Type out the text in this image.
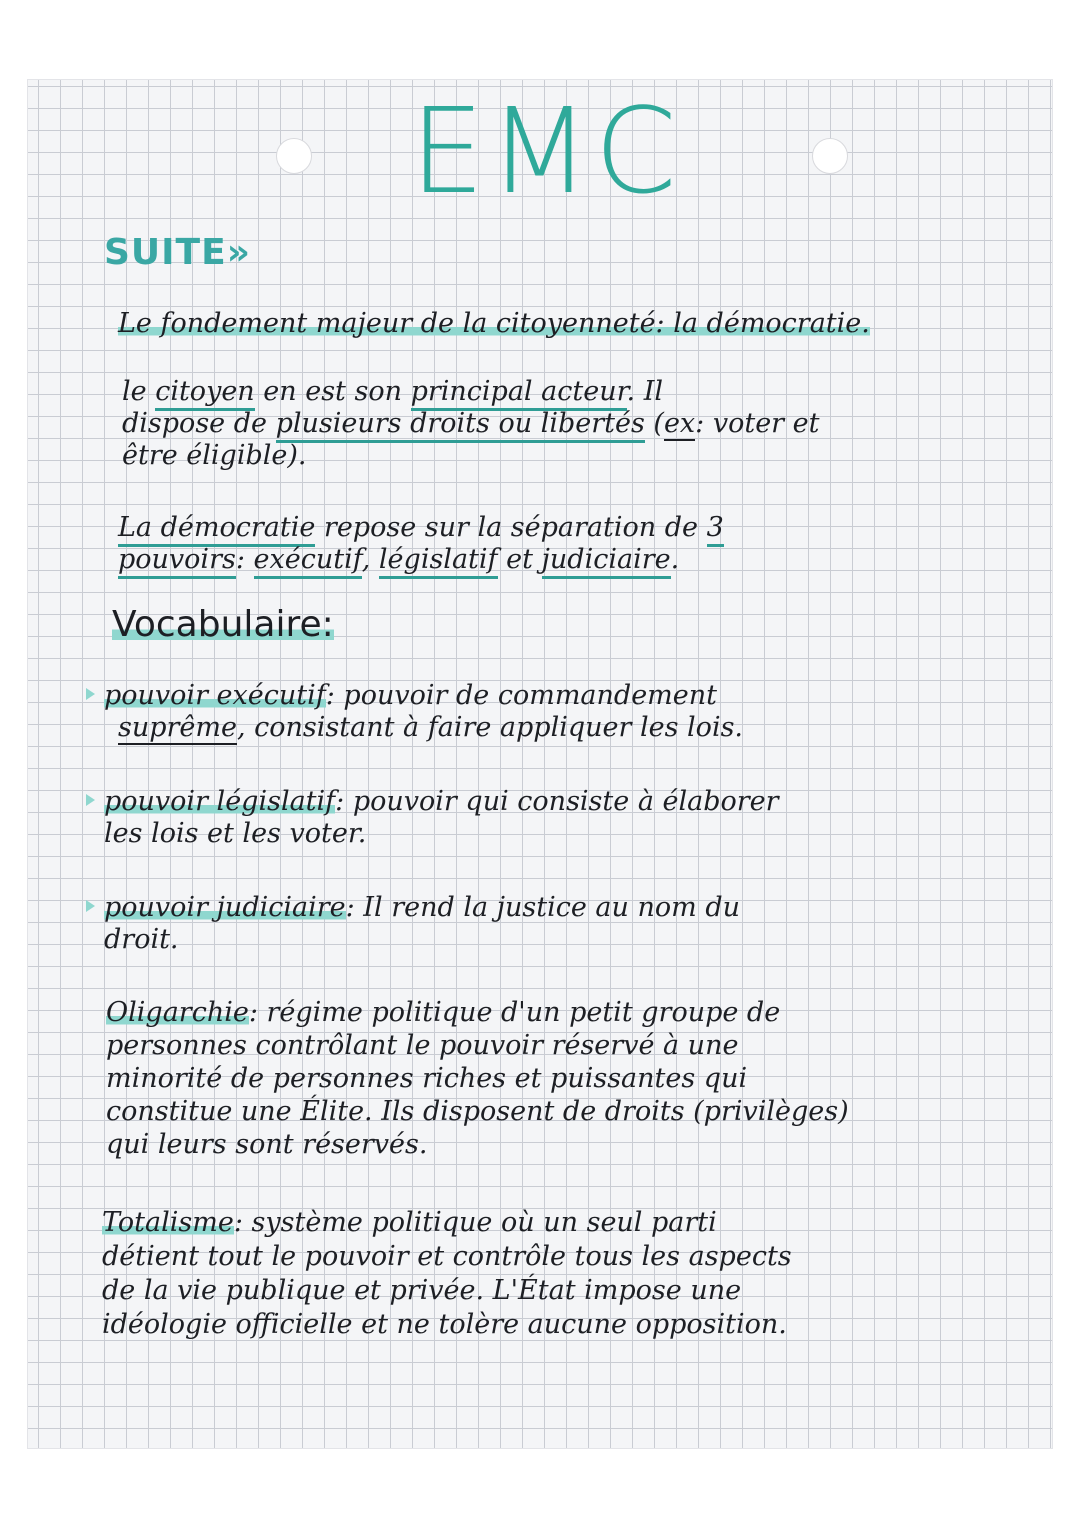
EMC
SUITE»
Le fondement majeur de la citoyenneté: la démocratie.
le citoyen en est son principal acteur. Il
dispose de plusieurs droits ou libertés (ex: voter et
être éligible).
La démocratie repose sur la séparation de 3
pouvoirs: exécutif, législatif et judiciaire.
Vocabulaire:
pouvoir exécutif: pouvoir de commandement
suprême, consistant à faire appliquer les lois.
pouvoir législatif: pouvoir qui consiste à élaborer
les lois et les voter.
pouvoir judiciaire: Il rend la justice au nom du
droit.
Oligarchie: régime politique d'un petit groupe de
personnes contrôlant le pouvoir réservé à une
minorité de personnes riches et puissantes qui
constitue une Élite. Ils disposent de droits (privilèges)
qui leurs sont réservés.
Totalisme: système politique où un seul parti
détient tout le pouvoir et contrôle tous les aspects
de la vie publique et privée. L'État impose une
idéologie officielle et ne tolère aucune opposition.
